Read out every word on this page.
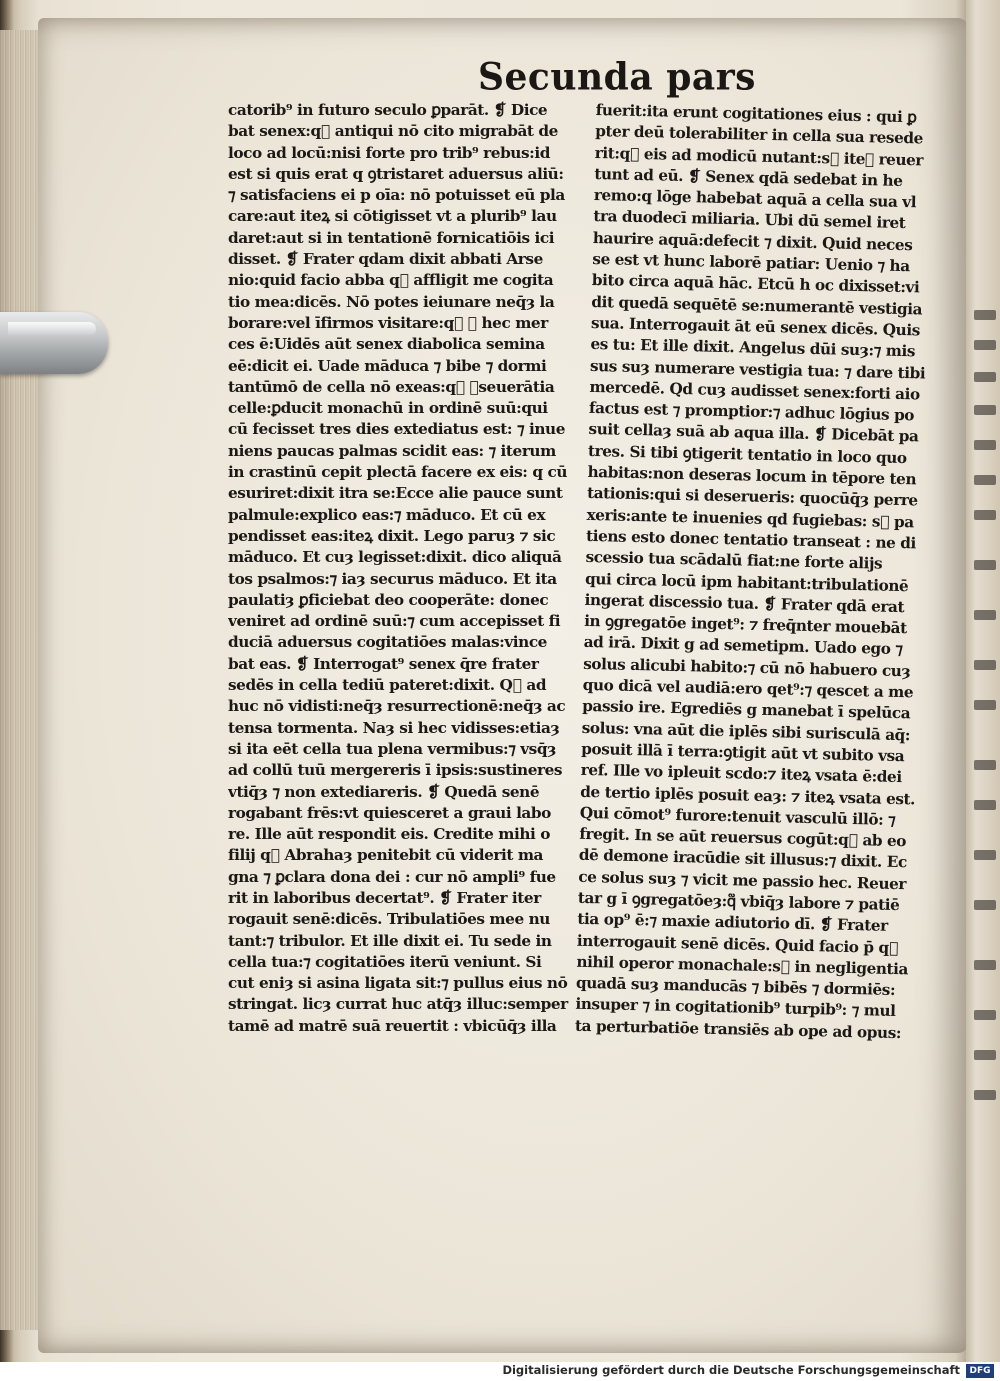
Secunda pars
catorib⁹ in futuro seculo ꝑparāt. ❡ Dice
bat senex:q᷑ antiqui nō cito migrabāt de
loco ad locū:nisi forte pro trib⁹ rebus:id
est si quis erat q ꝯtristaret aduersus aliū:
⁊ satisfaciens ei p oīa: nō potuisset eū pla
care:aut iteꝝ si cōtigisset vt a plurib⁹ lau
daret:aut si in tentationē fornicatiōis ici
disset. ❡ Frater qdam dixit abbati Arse
nio:quid facio abba q᷑ affligit me cogita
tio mea:dicēs. Nō potes ieiunare neq̄ȝ la
borare:vel īfirmos visitare:q᷑ ⁊ hec mer
ces ē:Uidēs aūt senex diabolica semina
eē:dicit ei. Uade māduca ⁊ bibe ⁊ dormi
tantūmō de cella nō exeas:q᷑ ꝑseuerātia
celle:ꝑducit monachū in ordinē suū:qui
cū fecisset tres dies extediatus est: ⁊ inue
niens paucas palmas scidit eas: ⁊ iterum
in crastinū cepit plectā facere ex eis: q cū
esuriret:dixit itra se:Ecce alie pauce sunt
palmule:explico eas:⁊ māduco. Et cū ex
pendisset eas:iteꝝ dixit. Lego paruȝ ⁊ sic
māduco. Et cuȝ legisset:dixit. dico aliquā
tos psalmos:⁊ iaȝ securus māduco. Et ita
paulatiȝ ꝑficiebat deo cooperāte: donec
veniret ad ordinē suū:⁊ cum accepisset fi
duciā aduersus cogitatiōes malas:vince
bat eas. ❡ Interrogat⁹ senex q̄re frater
sedēs in cella tediū pateret:dixit. Q᷑ ad
huc nō vidisti:neq̄ȝ resurrectionē:neq̄ȝ ac
tensa tormenta. Naȝ si hec vidisses:etiaȝ
si ita eēt cella tua plena vermibus:⁊ vsq̄ȝ
ad collū tuū mergereris ī ipsis:sustineres
vtiq̄ȝ ⁊ non extediareris. ❡ Quedā senē
rogabant frēs:vt quiesceret a graui labo
re. Ille aūt respondit eis. Credite mihi o
filij q᷑ Abrahaȝ penitebit cū viderit ma
gna ⁊ ꝑclara dona dei : cur nō ampli⁹ fue
rit in laboribus decertat⁹. ❡ Frater iter
rogauit senē:dicēs. Tribulatiōes mee nu
tant:⁊ tribulor. Et ille dixit ei. Tu sede in
cella tua:⁊ cogitatiōes iterū veniunt. Si
cut eniȝ si asina ligata sit:⁊ pullus eius nō
stringat. licȝ currat huc atq̄ȝ illuc:semper
tamē ad matrē suā reuertit : vbicūq̄ȝ illa
fuerit:ita erunt cogitationes eius : qui ꝑ
pter deū tolerabiliter in cella sua resede
rit:q᷑ eis ad modicū nutant:s᷑ iteꝝ reuer
tunt ad eū. ❡ Senex qdā sedebat in he
remo:q lōge habebat aquā a cella sua vl
tra duodecī miliaria. Ubi dū semel iret
haurire aquā:defecit ⁊ dixit. Quid neces
se est vt hunc laborē patiar: Uenio ⁊ ha
bito circa aquā hāc. Etcū h oc dixisset:vi
dit quedā sequētē se:numerantē vestigia
sua. Interrogauit āt eū senex dicēs. Quis
es tu: Et ille dixit. Angelus dūi suȝ:⁊ mis
sus suȝ numerare vestigia tua: ⁊ dare tibi
mercedē. Qd cuȝ audisset senex:forti aio
factus est ⁊ promptior:⁊ adhuc lōgius po
suit cellaȝ suā ab aqua illa. ❡ Dicebāt pa
tres. Si tibi ꝯtigerit tentatio in loco quo
habitas:non deseras locum in tēpore ten
tationis:qui si deserueris: quocūq̄ȝ perre
xeris:ante te inuenies qd fugiebas: s᷑ pa
tiens esto donec tentatio transeat : ne di
scessio tua scādalū fiat:ne forte alijs
qui circa locū ipm habitant:tribulationē
ingerat discessio tua. ❡ Frater qdā erat
in ꝯgregatōe inget⁹: ⁊ freq̄nter mouebāt
ad irā. Dixit g ad semetipm. Uado ego ⁊
solus alicubi habito:⁊ cū nō habuero cuȝ
quo dicā vel audiā:ero qet⁹:⁊ qescet a me
passio ire. Egrediēs g manebat ī spelūca
solus: vna aūt die iplēs sibi surisculā aq̄:
posuit illā ī terra:ꝯtigit aūt vt subito vsa
ref. Ille vo ipleuit scdo:⁊ iteꝝ vsata ē:dei
de tertio iplēs posuit eaȝ: ⁊ iteꝝ vsata est.
Qui cōmot⁹ furore:tenuit vasculū illō: ⁊
fregit. In se aūt reuersus cogūt:q᷑ ab eo
dē demone iracūdie sit illusus:⁊ dixit. Ec
ce solus suȝ ⁊ vicit me passio hec. Reuer
tar g ī ꝯgregatōeȝ:q᷑ vbiq̄ȝ labore ⁊ patiē
tia op⁹ ē:⁊ maxie adiutorio dī. ❡ Frater
interrogauit senē dicēs. Quid facio p̄ q᷑
nihil operor monachale:s᷑ in negligentia
quadā suȝ manducās ⁊ bibēs ⁊ dormiēs:
insuper ⁊ in cogitationib⁹ turpib⁹: ⁊ mul
ta perturbatiōe transiēs ab ope ad opus:
Digitalisierung gefördert durch die Deutsche Forschungsgemeinschaft	DFG
